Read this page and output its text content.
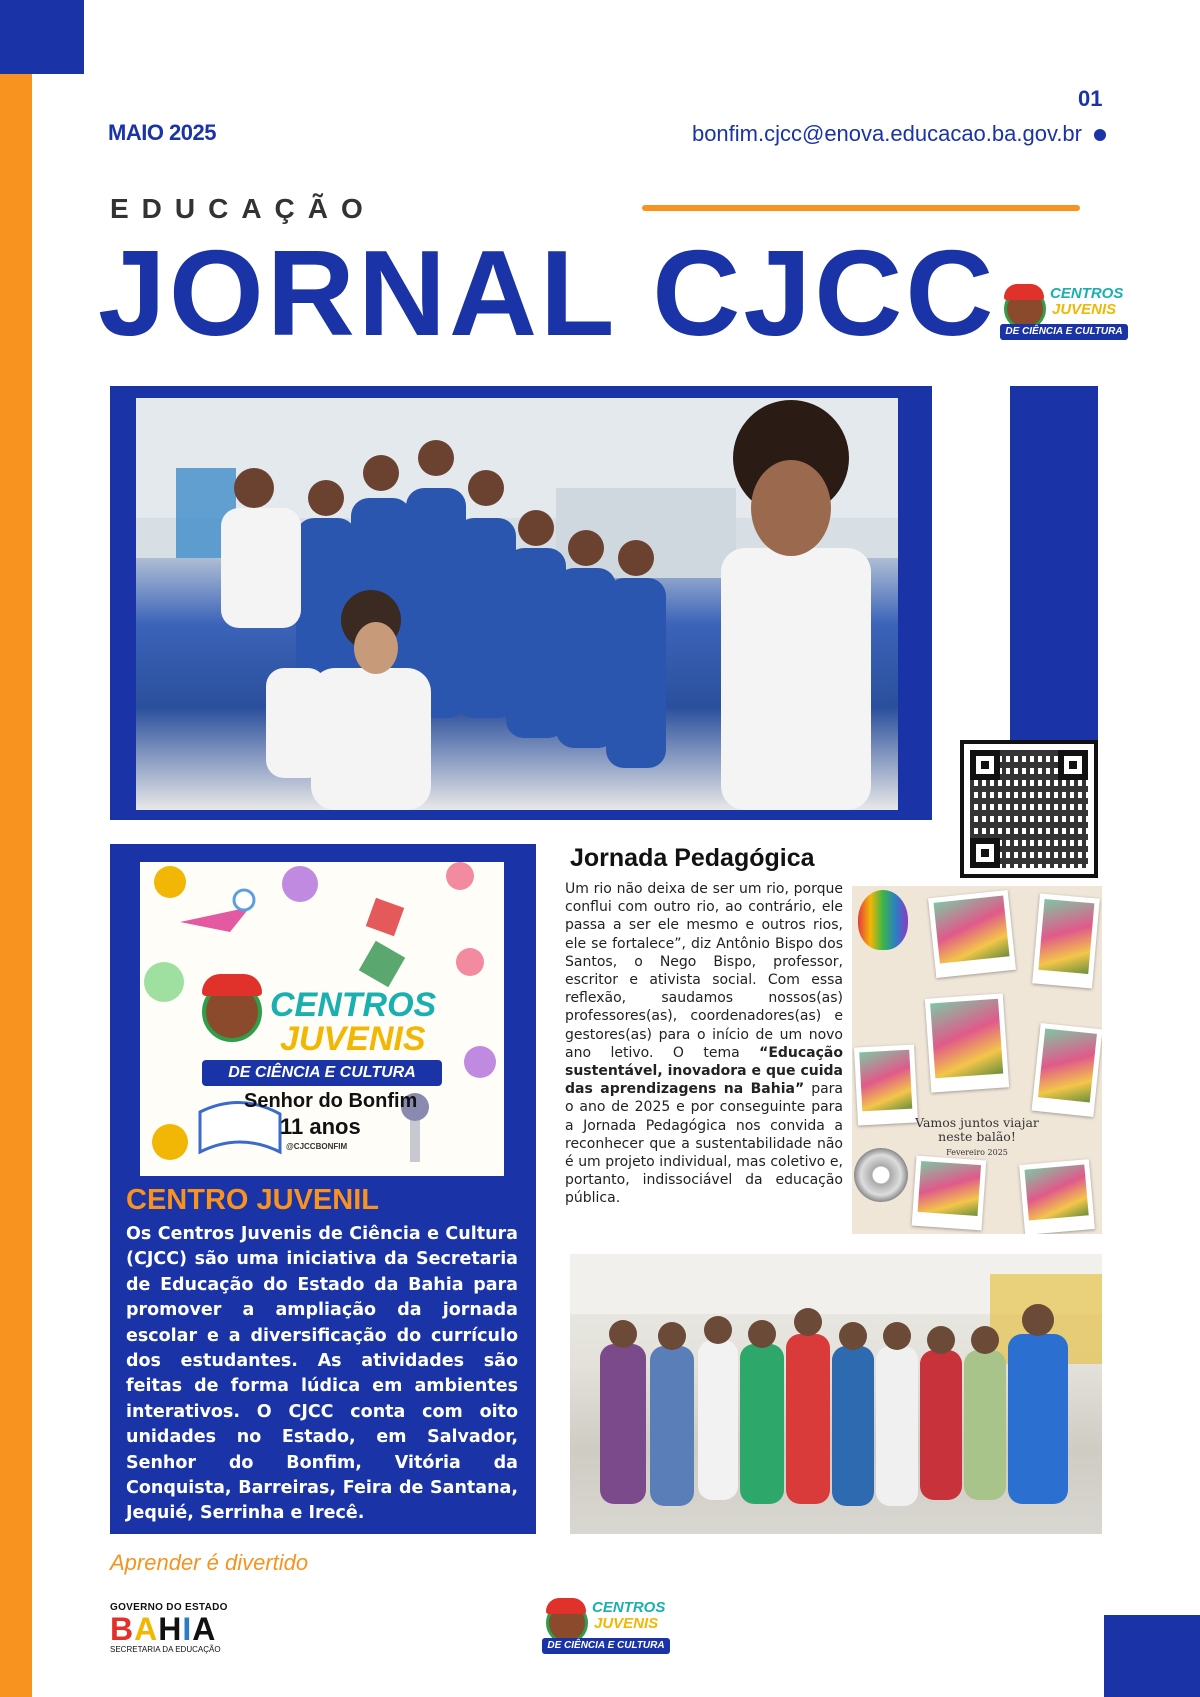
01
MAIO 2025	bonfim.cjcc@enova.educacao.ba.gov.br
EDUCAÇÃO
JORNAL CJCC	CENTROS
JUVENIS
DE CIÊNCIA E CULTURA
CENTROS
JUVENIS
DE CIÊNCIA E CULTURA
Senhor do Bonfim
11 anos
@CJCCBONFIM
CENTRO JUVENIL
Os Centros Juvenis de Ciência e Cultura (CJCC) são uma iniciativa da Secretaria de Educação do Estado da Bahia para promover a ampliação da jornada escolar e a diversificação do currículo dos estudantes. As atividades são feitas de forma lúdica em ambientes interativos. O CJCC conta com oito unidades no Estado, em Salvador, Senhor do Bonfim, Vitória da Conquista, Barreiras, Feira de Santana, Jequié, Serrinha e Irecê.
Jornada Pedagógica
Um rio não deixa de ser um rio, porque conflui com outro rio, ao contrário, ele passa a ser ele mesmo e outros rios, ele se fortalece”, diz Antônio Bispo dos Santos, o Nego Bispo, professor, escritor e ativista social. Com essa reflexão, saudamos nossos(as) professores(as), coordenadores(as) e gestores(as) para o início de um novo ano letivo. O tema “Educação sustentável, inovadora e que cuida das aprendizagens na Bahia” para o ano de 2025 e por conseguinte para a Jornada Pedagógica nos convida a reconhecer que a sustentabilidade não é um projeto individual, mas coletivo e, portanto, indissociável da educação pública.
Vamos juntos viajar neste balão!
Fevereiro 2025
Aprender é divertido
GOVERNO DO ESTADO
BAHIA
SECRETARIA DA EDUCAÇÃO
CENTROS
JUVENIS
DE CIÊNCIA E CULTURA
